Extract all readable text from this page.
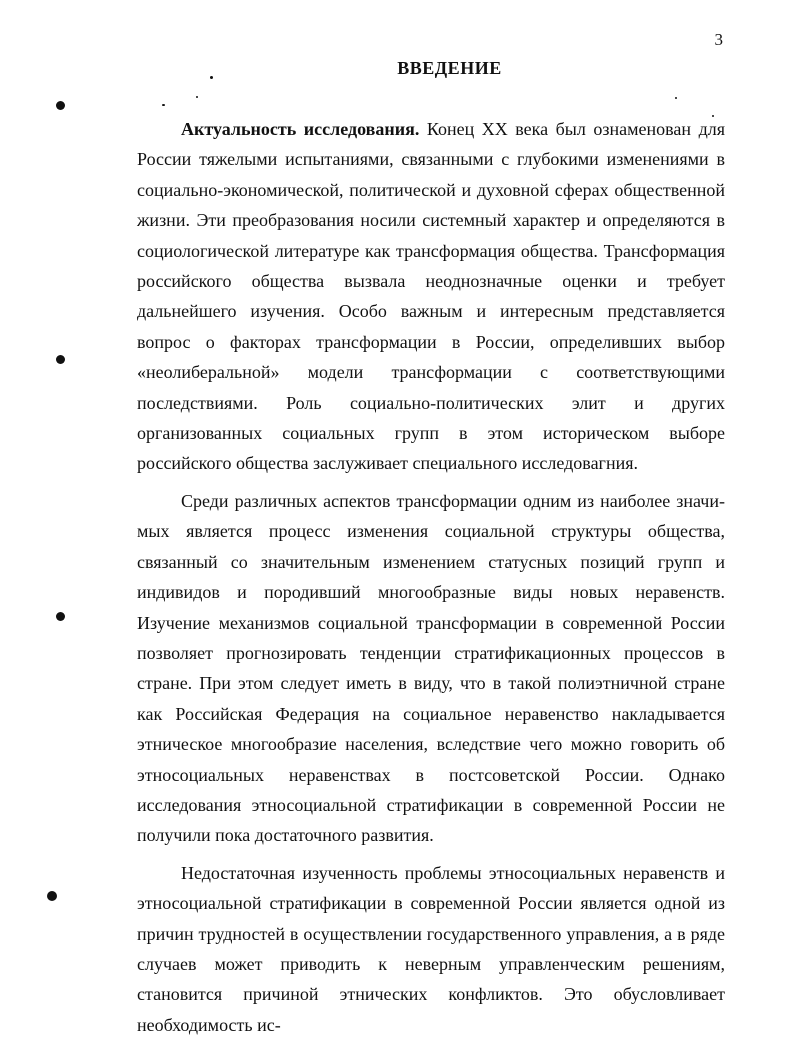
3
ВВЕДЕНИЕ

Актуальность исследования. Конец XX века был ознаменован для России тяжелыми испытаниями, связанными с глубокими изменениями в социально-экономической, политической и духовной сферах общественной жизни. Эти преобразования носили системный характер и определяются в социологической литературе как трансформация общества. Трансформация российского общества вызвала неоднозначные оценки и требует дальнейшего изучения. Особо важным и интересным представляется вопрос о факторах трансформации в России, определивших выбор «неолиберальной» модели трансформации с соответствующими последствиями. Роль социально-политических элит и других организованных социальных групп в этом историческом выборе российского общества заслуживает специального исследовагния.

Среди различных аспектов трансформации одним из наиболее значимых является процесс изменения социальной структуры общества, связанный со значительным изменением статусных позиций групп и индивидов и породивший многообразные виды новых неравенств. Изучение механизмов социальной трансформации в современной России позволяет прогнозировать тенденции стратификационных процессов в стране. При этом следует иметь в виду, что в такой полиэтничной стране как Российская Федерация на социальное неравенство накладывается этническое многообразие населения, вследствие чего можно говорить об этносоциальных неравенствах в постсоветской России. Однако исследования этносоциальной стратификации в современной России не получили пока достаточного развития.

Недостаточная изученность проблемы этносоциальных неравенств и этносоциальной стратификации в современной России является одной из причин трудностей в осуществлении государственного управления, а в ряде случаев может приводить к неверным управленческим решениям, становится причиной этнических конфликтов. Это обусловливает необходимость ис-
